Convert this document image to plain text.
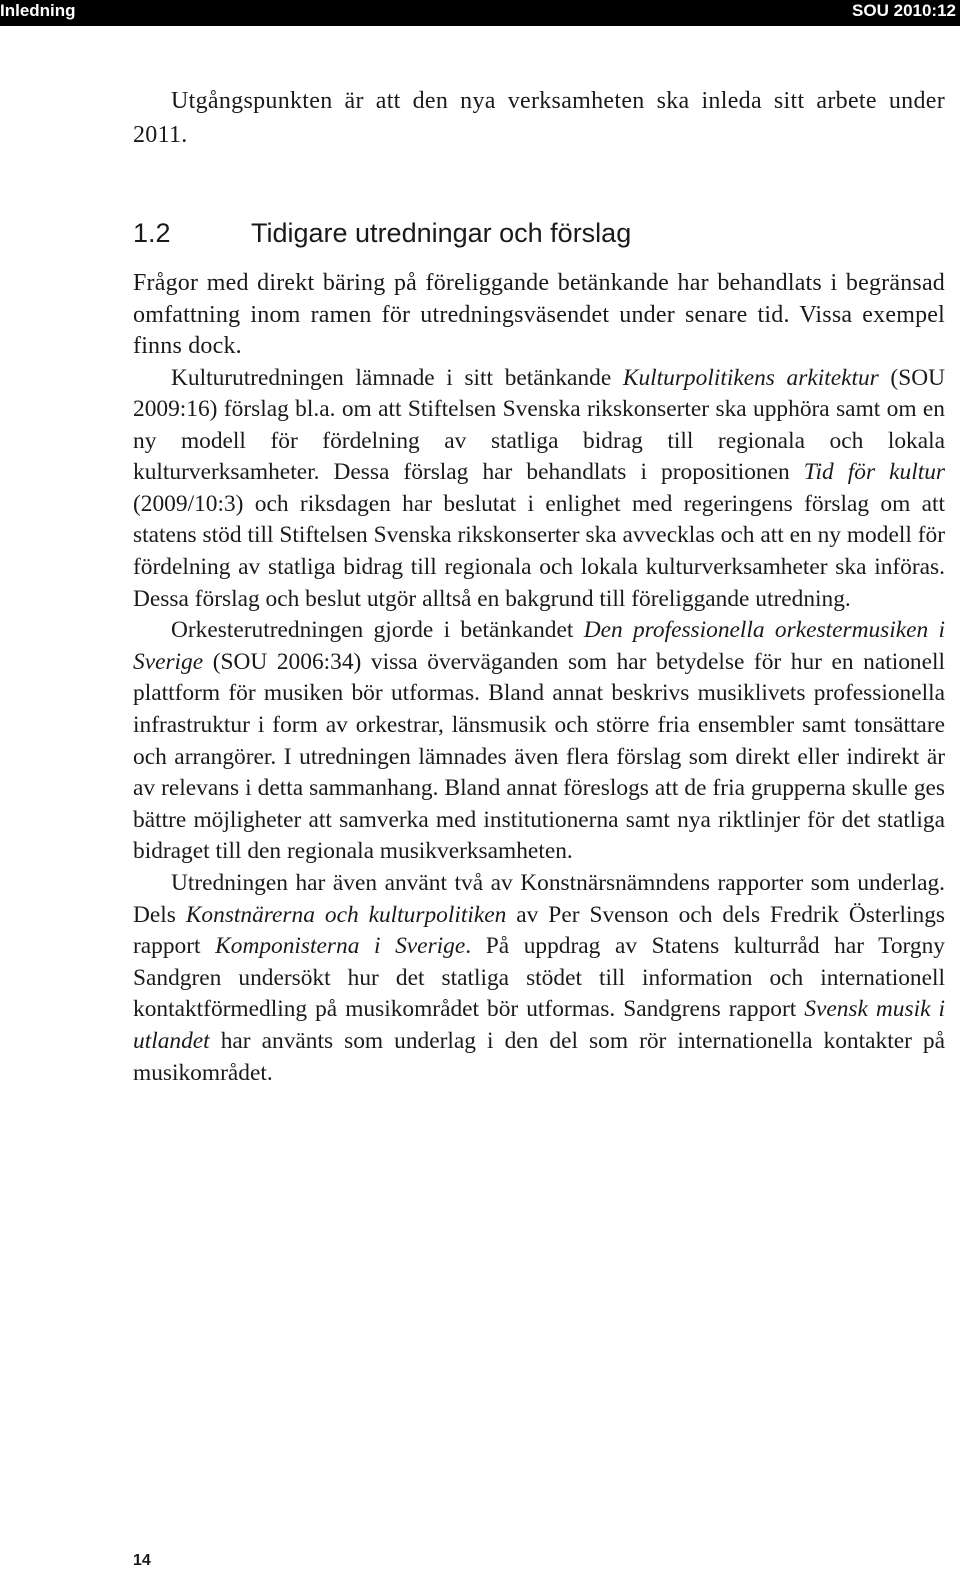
Inledning	SOU 2010:12

Utgångspunkten är att den nya verksamheten ska inleda sitt arbete under 2011.

1.2	Tidigare utredningar och förslag

Frågor med direkt bäring på föreliggande betänkande har behandlats i begränsad omfattning inom ramen för utredningsväsendet under senare tid. Vissa exempel finns dock.

Kulturutredningen lämnade i sitt betänkande Kulturpolitikens arkitektur (SOU 2009:16) förslag bl.a. om att Stiftelsen Svenska rikskonserter ska upphöra samt om en ny modell för fördelning av statliga bidrag till regionala och lokala kulturverksamheter. Dessa förslag har behandlats i propositionen Tid för kultur (2009/10:3) och riksdagen har beslutat i enlighet med regeringens förslag om att statens stöd till Stiftelsen Svenska rikskonserter ska avvecklas och att en ny modell för fördelning av statliga bidrag till regionala och lokala kulturverksamheter ska införas. Dessa förslag och beslut utgör alltså en bakgrund till föreliggande utredning.

Orkesterutredningen gjorde i betänkandet Den professionella orkestermusiken i Sverige (SOU 2006:34) vissa överväganden som har betydelse för hur en nationell plattform för musiken bör utformas. Bland annat beskrivs musiklivets professionella infrastruktur i form av orkestrar, länsmusik och större fria ensembler samt tonsättare och arrangörer. I utredningen lämnades även flera förslag som direkt eller indirekt är av relevans i detta sammanhang. Bland annat föreslogs att de fria grupperna skulle ges bättre möjligheter att samverka med institutionerna samt nya riktlinjer för det statliga bidraget till den regionala musikverksamheten.

Utredningen har även använt två av Konstnärsnämndens rapporter som underlag. Dels Konstnärerna och kulturpolitiken av Per Svenson och dels Fredrik Österlings rapport Komponisterna i Sverige. På uppdrag av Statens kulturråd har Torgny Sandgren undersökt hur det statliga stödet till information och internationell kontaktförmedling på musikområdet bör utformas. Sandgrens rapport Svensk musik i utlandet har använts som underlag i den del som rör internationella kontakter på musikområdet.

14
